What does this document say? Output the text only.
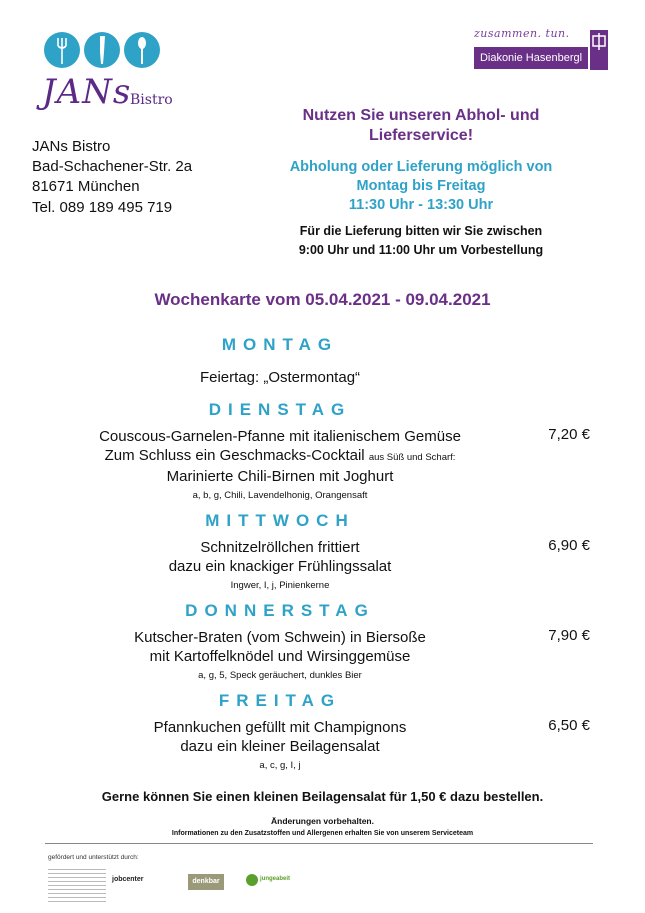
JANs
Bistro
zusammen. tun.
Diakonie Hasenbergl
JANs Bistro
Bad-Schachener-Str. 2a
81671 München
Tel. 089 189 495 719
Nutzen Sie unseren Abhol- und
Lieferservice!
Abholung oder Lieferung möglich von
Montag bis Freitag
11:30 Uhr - 13:30 Uhr
Für die Lieferung bitten wir Sie zwischen
9:00 Uhr und 11:00 Uhr um Vorbestellung
Wochenkarte vom 05.04.2021 - 09.04.2021
MONTAG
Feiertag: „Ostermontag“
DIENSTAG
Couscous-Garnelen-Pfanne mit italienischem Gemüse
Zum Schluss ein Geschmacks-Cocktail aus Süß und Scharf:
Marinierte Chili-Birnen mit Joghurt
a, b, g, Chili, Lavendelhonig, Orangensaft
7,20 €
MITTWOCH
Schnitzelröllchen frittiert
dazu ein knackiger Frühlingssalat
Ingwer, I, j, Pinienkerne
6,90 €
DONNERSTAG
Kutscher-Braten (vom Schwein) in Biersoße
mit Kartoffelknödel und Wirsinggemüse
a, g, 5, Speck geräuchert, dunkles Bier
7,90 €
FREITAG
Pfannkuchen gefüllt mit Champignons
dazu ein kleiner Beilagensalat
a, c, g, I, j
6,50 €
Gerne können Sie einen kleinen Beilagensalat für 1,50 € dazu bestellen.
Änderungen vorbehalten.
Informationen zu den Zusatzstoffen und Allergenen erhalten Sie von unserem Serviceteam
gefördert und unterstützt durch:
jobcenter	denkbar	jungeabeit
